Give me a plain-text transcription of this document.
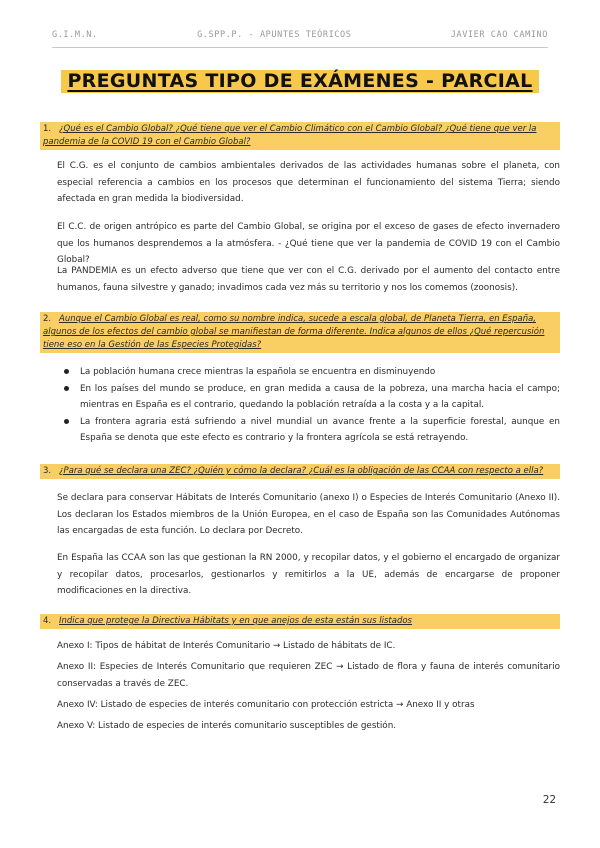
G.I.M.N.	G.SPP.P. - APUNTES TEÓRICOS	JAVIER CAO CAMINO
PREGUNTAS TIPO DE EXÁMENES - PARCIAL
1. ¿Qué es el Cambio Global? ¿Qué tiene que ver el Cambio Climático con el Cambio Global? ¿Qué tiene que ver la pandemia de la COVID 19 con el Cambio Global?
El C.G. es el conjunto de cambios ambientales derivados de las actividades humanas sobre el planeta, con especial referencia a cambios en los procesos que determinan el funcionamiento del sistema Tierra; siendo afectada en gran medida la biodiversidad.
El C.C. de origen antrópico es parte del Cambio Global, se origina por el exceso de gases de efecto invernadero que los humanos desprendemos a la atmósfera. - ¿Qué tiene que ver la pandemia de COVID 19 con el Cambio Global?
La PANDEMIA es un efecto adverso que tiene que ver con el C.G. derivado por el aumento del contacto entre humanos, fauna silvestre y ganado; invadimos cada vez más su territorio y nos los comemos (zoonosis).
2. Aunque el Cambio Global es real, como su nombre indica, sucede a escala global, de Planeta Tierra, en España, algunos de los efectos del cambio global se manifiestan de forma diferente. Indica algunos de ellos ¿Qué repercusión tiene eso en la Gestión de las Especies Protegidas?
La población humana crece mientras la española se encuentra en disminuyendo
En los países del mundo se produce, en gran medida a causa de la pobreza, una marcha hacia el campo; mientras en España es el contrario, quedando la población retraída a la costa y a la capital.
La frontera agraria está sufriendo a nivel mundial un avance frente a la superficie forestal, aunque en España se denota que este efecto es contrario y la frontera agrícola se está retrayendo.
3. ¿Para qué se declara una ZEC? ¿Quién y cómo la declara? ¿Cuál es la obligación de las CCAA con respecto a ella?
Se declara para conservar Hábitats de Interés Comunitario (anexo I) o Especies de Interés Comunitario (Anexo II). Los declaran los Estados miembros de la Unión Europea, en el caso de España son las Comunidades Autónomas las encargadas de esta función. Lo declara por Decreto.
En España las CCAA son las que gestionan la RN 2000, y recopilar datos, y el gobierno el encargado de organizar y recopilar datos, procesarlos, gestionarlos y remitirlos a la UE, además de encargarse de proponer modificaciones en la directiva.
4. Indica que protege la Directiva Hábitats y en que anejos de esta están sus listados
Anexo I: Tipos de hábitat de Interés Comunitario → Listado de hábitats de IC.
Anexo II: Especies de Interés Comunitario que requieren ZEC → Listado de flora y fauna de interés comunitario conservadas a través de ZEC.
Anexo IV: Listado de especies de interés comunitario con protección estricta → Anexo II y otras
Anexo V: Listado de especies de interés comunitario susceptibles de gestión.
22
